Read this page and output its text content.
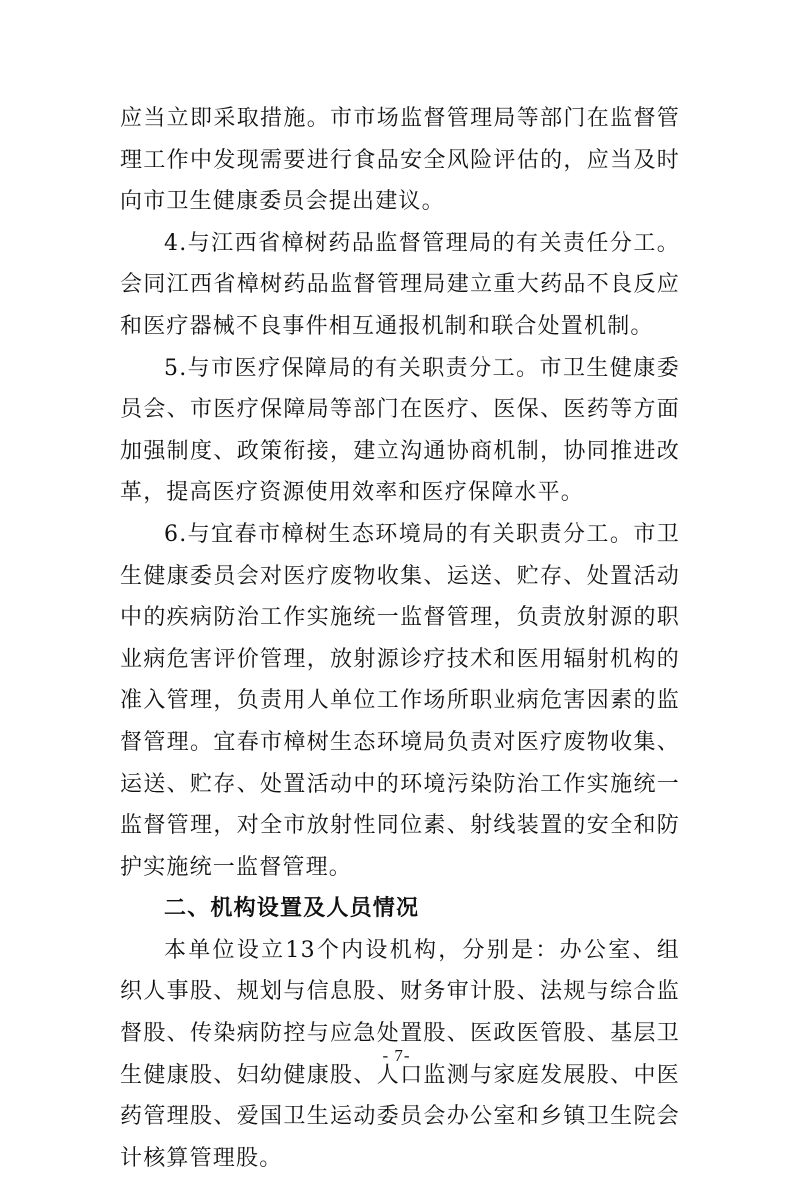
应当立即采取措施。市市场监督管理局等部门在监督管理工作中发现需要进行食品安全风险评估的，应当及时向市卫生健康委员会提出建议。

4.与江西省樟树药品监督管理局的有关责任分工。会同江西省樟树药品监督管理局建立重大药品不良反应和医疗器械不良事件相互通报机制和联合处置机制。

5.与市医疗保障局的有关职责分工。市卫生健康委员会、市医疗保障局等部门在医疗、医保、医药等方面加强制度、政策衔接，建立沟通协商机制，协同推进改革，提高医疗资源使用效率和医疗保障水平。

6.与宜春市樟树生态环境局的有关职责分工。市卫生健康委员会对医疗废物收集、运送、贮存、处置活动中的疾病防治工作实施统一监督管理，负责放射源的职业病危害评价管理，放射源诊疗技术和医用辐射机构的准入管理，负责用人单位工作场所职业病危害因素的监督管理。宜春市樟树生态环境局负责对医疗废物收集、运送、贮存、处置活动中的环境污染防治工作实施统一监督管理，对全市放射性同位素、射线装置的安全和防护实施统一监督管理。

二、机构设置及人员情况

本单位设立13个内设机构，分别是：办公室、组织人事股、规划与信息股、财务审计股、法规与综合监督股、传染病防控与应急处置股、医政医管股、基层卫生健康股、妇幼健康股、人口监测与家庭发展股、中医药管理股、爱国卫生运动委员会办公室和乡镇卫生院会计核算管理股。

- 7-
